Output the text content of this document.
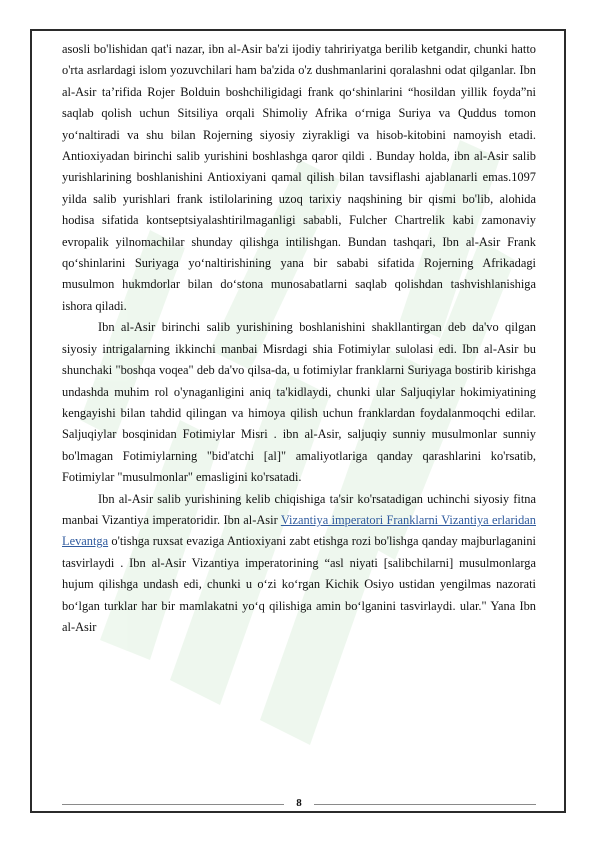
asosli bo'lishidan qat'i nazar, ibn al-Asir ba'zi ijodiy tahririyatga berilib ketgandir, chunki hatto o'rta asrlardagi islom yozuvchilari ham ba'zida o'z dushmanlarini qoralashni odat qilganlar. Ibn al-Asir taʼrifida Rojer Bolduin boshchiligidagi frank qoʻshinlarini “hosildan yillik foyda”ni saqlab qolish uchun Sitsiliya orqali Shimoliy Afrika oʻrniga Suriya va Quddus tomon yoʻnaltiradi va shu bilan Rojerning siyosiy ziyrakligi va hisob-kitobini namoyish etadi. Antioxiyadan birinchi salib yurishini boshlashga qaror qildi . Bunday holda, ibn al-Asir salib yurishlarining boshlanishini Antioxiyani qamal qilish bilan tavsiflashi ajablanarli emas.1097 yilda salib yurishlari frank istilolarining uzoq tarixiy naqshining bir qismi bo'lib, alohida hodisa sifatida kontseptsiyalashtirilmaganligi sababli, Fulcher Chartrelik kabi zamonaviy evropalik yilnomachilar shunday qilishga intilishgan. Bundan tashqari, Ibn al-Asir Frank qoʻshinlarini Suriyaga yoʻnaltirishining yana bir sababi sifatida Rojerning Afrikadagi musulmon hukmdorlar bilan doʻstona munosabatlarni saqlab qolishdan tashvishlanishiga ishora qiladi.

Ibn al-Asir birinchi salib yurishining boshlanishini shakllantirgan deb da'vo qilgan siyosiy intrigalarning ikkinchi manbai Misrdagi shia Fotimiylar sulolasi edi. Ibn al-Asir bu shunchaki "boshqa voqea" deb da'vo qilsa-da, u fotimiylar franklarni Suriyaga bostirib kirishga undashda muhim rol o'ynaganligini aniq ta'kidlaydi, chunki ular Saljuqiylar hokimiyatining kengayishi bilan tahdid qilingan va himoya qilish uchun franklardan foydalanmoqchi edilar. Saljuqiylar bosqinidan Fotimiylar Misri . ibn al-Asir, saljuqiy sunniy musulmonlar sunniy bo'lmagan Fotimiylarning "bid'atchi [al]" amaliyotlariga qanday qarashlarini ko'rsatib, Fotimiylar "musulmonlar" emasligini ko'rsatadi.

Ibn al-Asir salib yurishining kelib chiqishiga ta'sir ko'rsatadigan uchinchi siyosiy fitna manbai Vizantiya imperatoridir. Ibn al-Asir Vizantiya imperatori Franklarni Vizantiya erlaridan Levantga o'tishga ruxsat evaziga Antioxiyani zabt etishga rozi bo'lishga qanday majburlaganini tasvirlaydi . Ibn al-Asir Vizantiya imperatorining “asl niyati [salibchilarni] musulmonlarga hujum qilishga undash edi, chunki u oʻzi koʻrgan Kichik Osiyo ustidan yengilmas nazorati boʻlgan turklar har bir mamlakatni yoʻq qilishiga amin boʻlganini tasvirlaydi. ular." Yana Ibn al-Asir

8
